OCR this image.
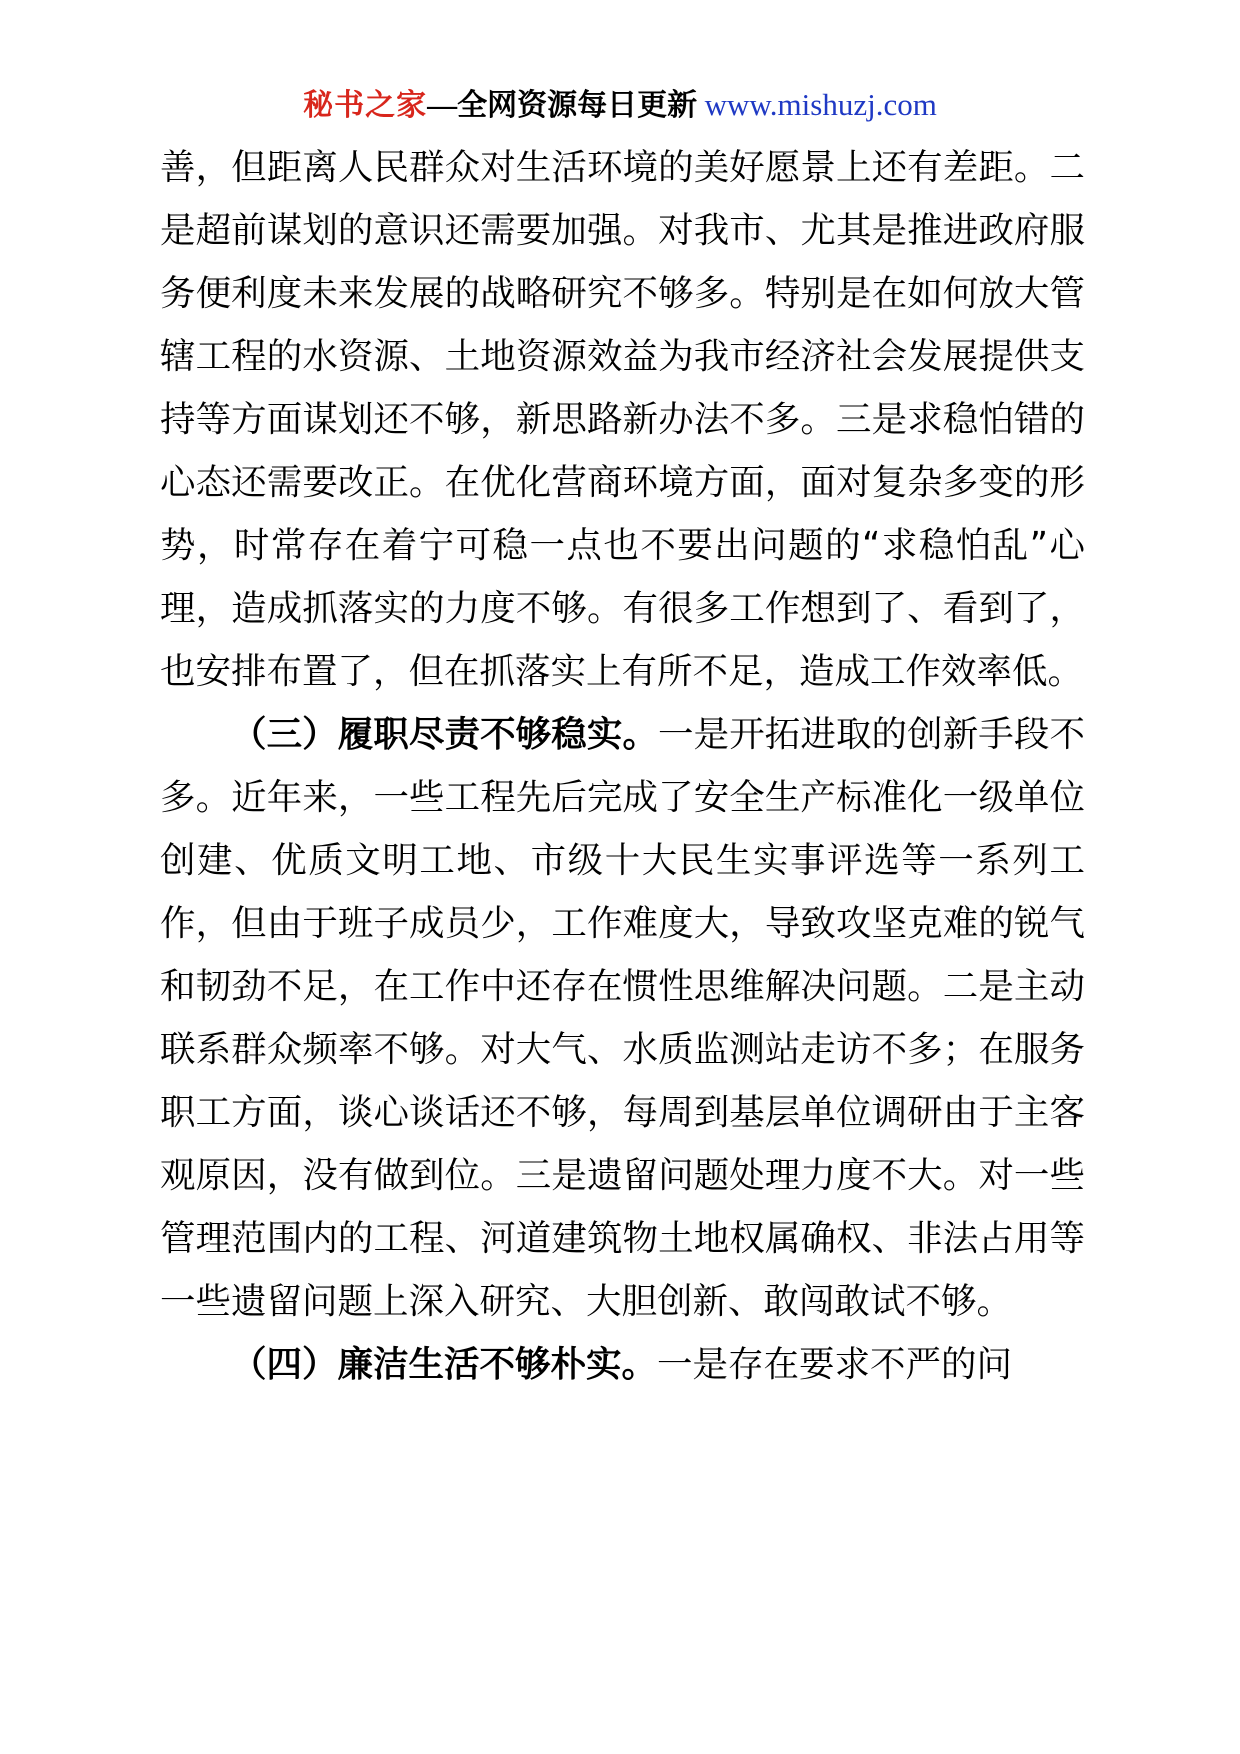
秘书之家—全网资源每日更新 www.mishuzj.com

善，但距离人民群众对生活环境的美好愿景上还有差距。二是超前谋划的意识还需要加强。对我市、尤其是推进政府服务便利度未来发展的战略研究不够多。特别是在如何放大管辖工程的水资源、土地资源效益为我市经济社会发展提供支持等方面谋划还不够，新思路新办法不多。三是求稳怕错的心态还需要改正。在优化营商环境方面，面对复杂多变的形势，时常存在着宁可稳一点也不要出问题的“求稳怕乱”心理，造成抓落实的力度不够。有很多工作想到了、看到了，也安排布置了，但在抓落实上有所不足，造成工作效率低。

（三）履职尽责不够稳实。一是开拓进取的创新手段不多。近年来，一些工程先后完成了安全生产标准化一级单位创建、优质文明工地、市级十大民生实事评选等一系列工作，但由于班子成员少，工作难度大，导致攻坚克难的锐气和韧劲不足，在工作中还存在惯性思维解决问题。二是主动联系群众频率不够。对大气、水质监测站走访不多；在服务职工方面，谈心谈话还不够，每周到基层单位调研由于主客观原因，没有做到位。三是遗留问题处理力度不大。对一些管理范围内的工程、河道建筑物土地权属确权、非法占用等一些遗留问题上深入研究、大胆创新、敢闯敢试不够。

（四）廉洁生活不够朴实。一是存在要求不严的问
